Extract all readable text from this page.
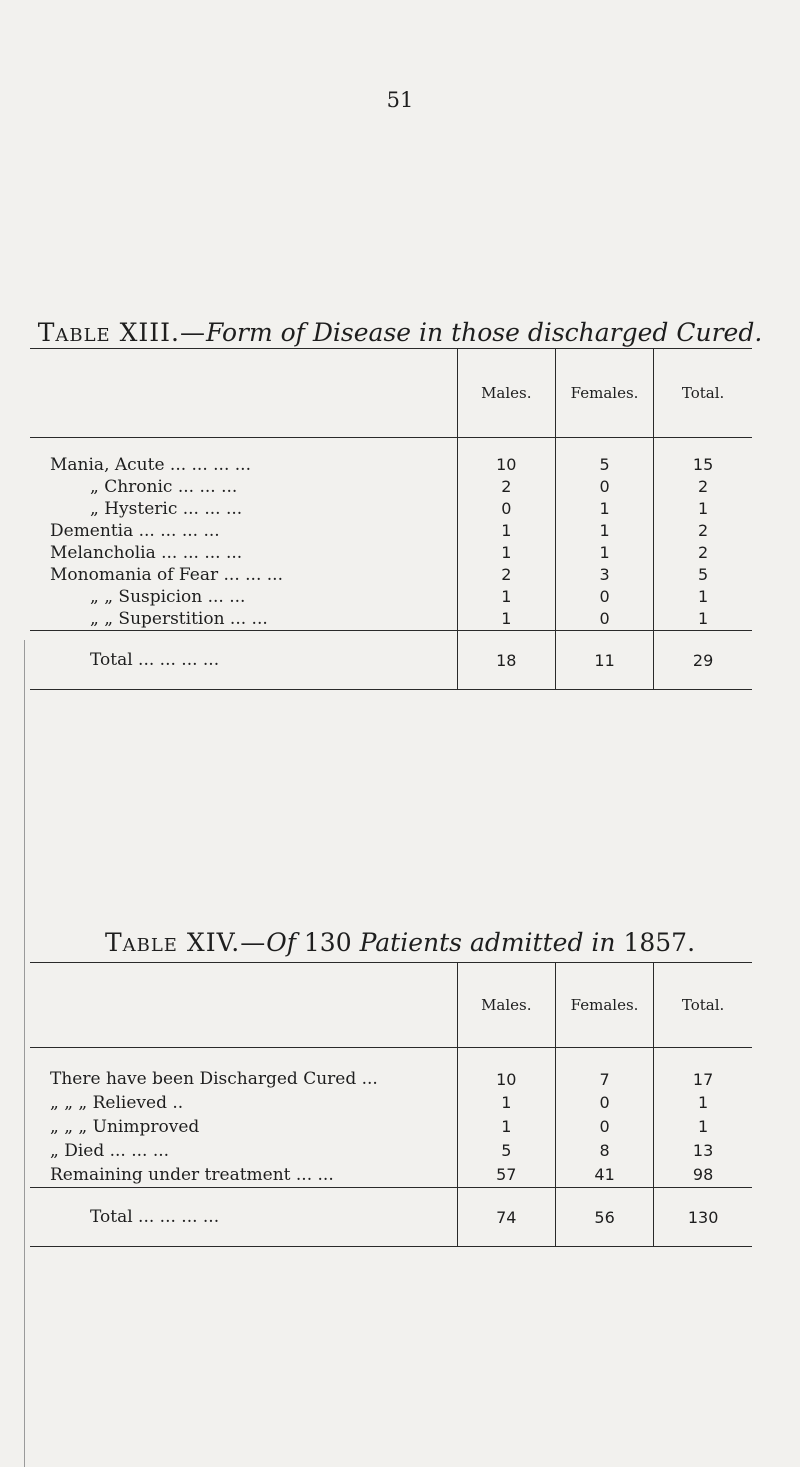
51
Table XIII.—Form of Disease in those discharged Cured.
	Males.	Females.	Total.
Mania, Acute ... ... ... ...	10	5	15
„ Chronic ... ... ...	2	0	2
„ Hysteric ... ... ...	0	1	1
Dementia ... ... ... ...	1	1	2
Melancholia ... ... ... ...	1	1	2
Monomania of Fear ... ... ...	2	3	5
„ „ Suspicion ... ...	1	0	1
„ „ Superstition ... ...	1	0	1
Total ... ... ... ...	18	11	29
Table XIV.—Of 130 Patients admitted in 1857.
	Males.	Females.	Total.
There have been Discharged Cured ...	10	7	17
„ „ „ Relieved ..	1	0	1
„ „ „ Unimproved	1	0	1
„ Died ... ... ...	5	8	13
Remaining under treatment ... ...	57	41	98
Total ... ... ... ...	74	56	130
